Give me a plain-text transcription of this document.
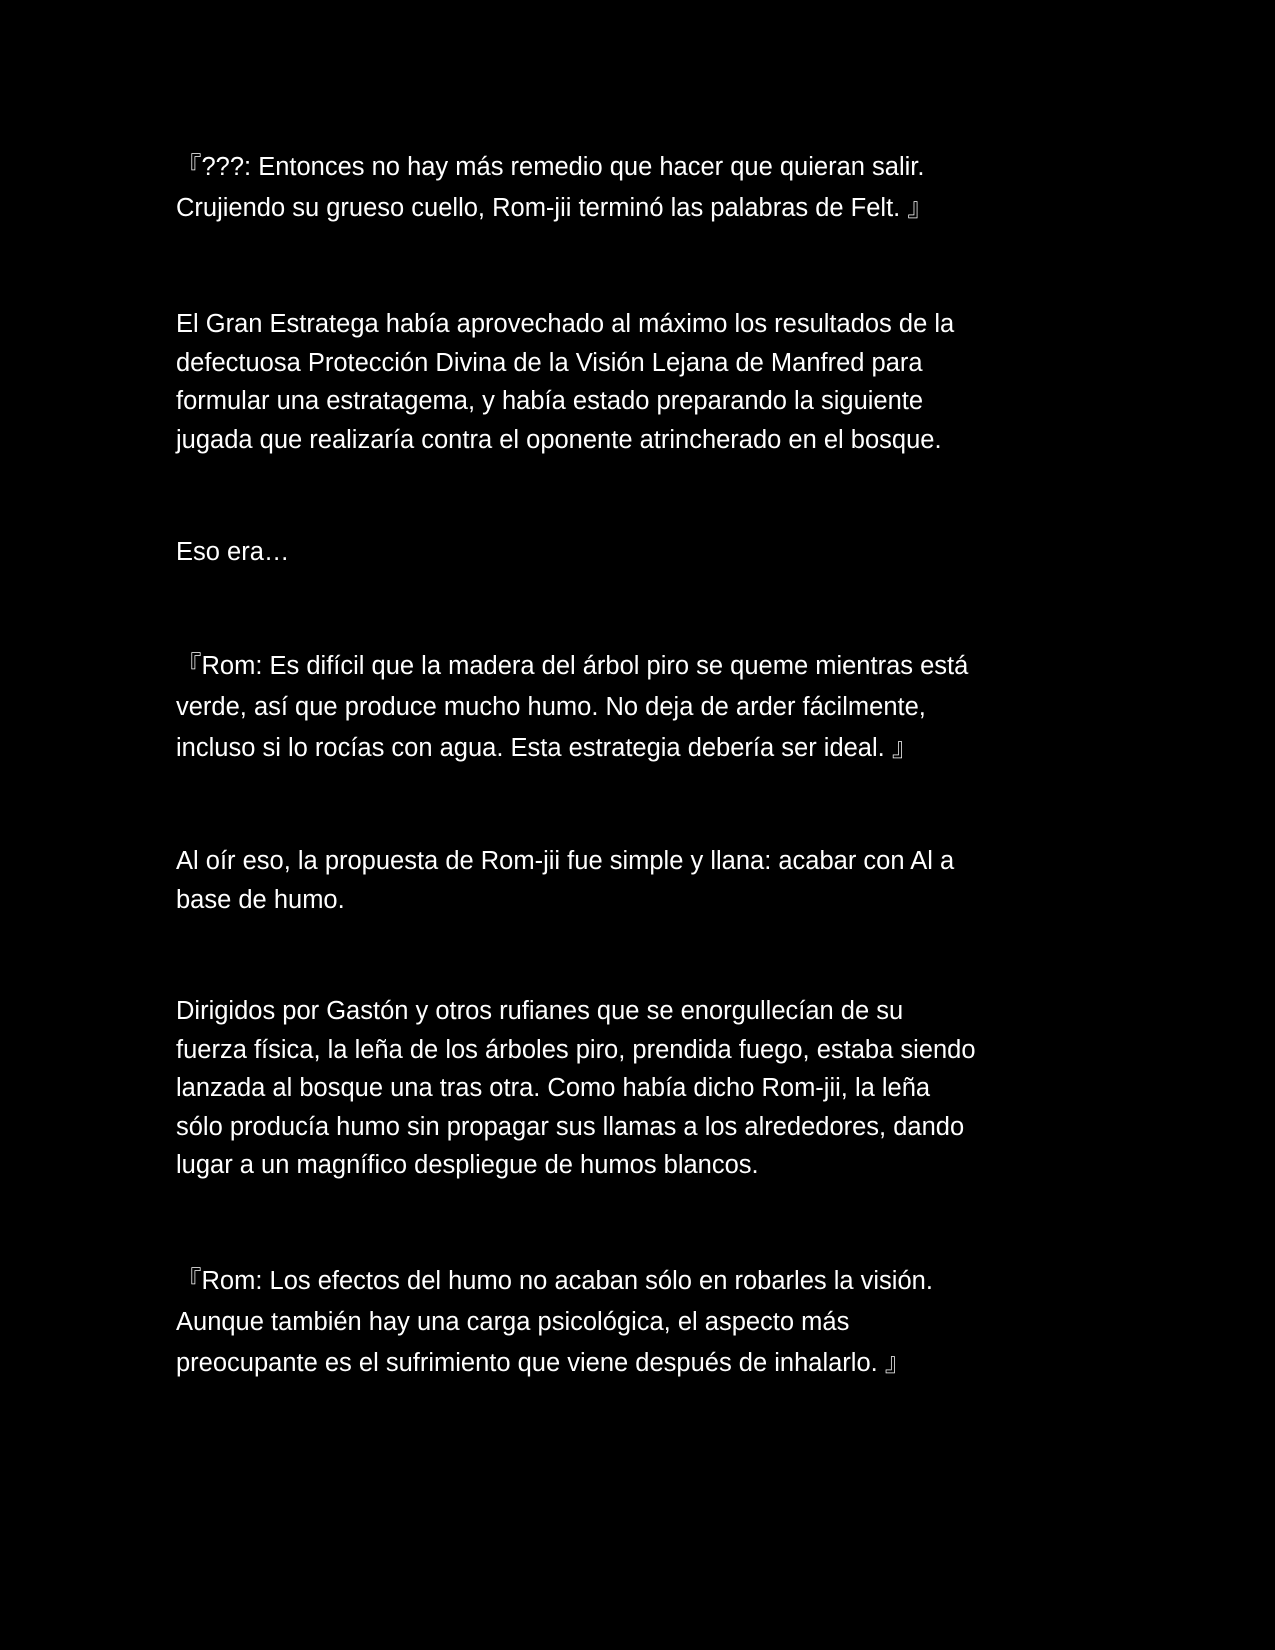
『???: Entonces no hay más remedio que hacer que quieran salir.
Crujiendo su grueso cuello, Rom-jii terminó las palabras de Felt. 』

El Gran Estratega había aprovechado al máximo los resultados de la
defectuosa Protección Divina de la Visión Lejana de Manfred para
formular una estratagema, y había estado preparando la siguiente
jugada que realizaría contra el oponente atrincherado en el bosque.

Eso era…

『Rom: Es difícil que la madera del árbol piro se queme mientras está
verde, así que produce mucho humo. No deja de arder fácilmente,
incluso si lo rocías con agua. Esta estrategia debería ser ideal. 』

Al oír eso, la propuesta de Rom-jii fue simple y llana: acabar con Al a
base de humo.

Dirigidos por Gastón y otros rufianes que se enorgullecían de su
fuerza física, la leña de los árboles piro, prendida fuego, estaba siendo
lanzada al bosque una tras otra. Como había dicho Rom-jii, la leña
sólo producía humo sin propagar sus llamas a los alrededores, dando
lugar a un magnífico despliegue de humos blancos.

『Rom: Los efectos del humo no acaban sólo en robarles la visión.
Aunque también hay una carga psicológica, el aspecto más
preocupante es el sufrimiento que viene después de inhalarlo. 』
